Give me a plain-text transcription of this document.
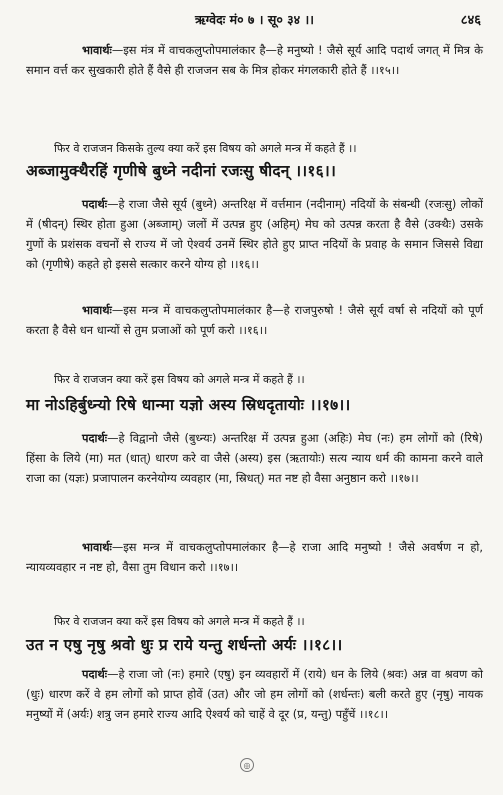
ऋग्वेदः मं० ७ । सू० ३४ ।।	८४६

भावार्थः—इस मंत्र में वाचकलुप्तोपमालंकार है—हे मनुष्यो ! जैसे सूर्य आदि पदार्थ जगत् में मित्र के समान वर्त्त कर सुखकारी होते हैं वैसे ही राजजन सब के मित्र होकर मंगलकारी होते हैं ।।१५।।

फिर वे राजजन किसके तुल्य क्या करें इस विषय को अगले मन्त्र में कहते हैं ।।

अब्जामुक्थैरहिं गृणीषे बुध्ने नदीनां रजःसु षीदन् ।।१६।।

पदार्थः—हे राजा जैसे सूर्य (बुध्ने) अन्तरिक्ष में वर्त्तमान (नदीनाम्) नदियों के संबन्धी (रजःसु) लोकों में (षीदन्) स्थिर होता हुआ (अब्जाम्) जलों में उत्पन्न हुए (अहिम्) मेघ को उत्पन्न करता है वैसे (उक्थैः) उसके गुणों के प्रशंसक वचनों से राज्य में जो ऐश्वर्य उनमें स्थिर होते हुए प्राप्त नदियों के प्रवाह के समान जिससे विद्या को (गृणीषे) कहते हो इससे सत्कार करने योग्य हो ।।१६।।

भावार्थः—इस मन्त्र में वाचकलुप्तोपमालंकार है—हे राजपुरुषो ! जैसे सूर्य वर्षा से नदियों को पूर्ण करता है वैसे धन धान्यों से तुम प्रजाओं को पूर्ण करो ।।१६।।

फिर वे राजजन क्या करें इस विषय को अगले मन्त्र में कहते हैं ।।

मा नोऽहिर्बुध्न्यो रिषे धान्मा यज्ञो अस्य स्रिधदृतायोः ।।१७।।

पदार्थः—हे विद्वानो जैसे (बुध्न्यः) अन्तरिक्ष में उत्पन्न हुआ (अहिः) मेघ (नः) हम लोगों को (रिषे) हिंसा के लिये (मा) मत (धात्) धारण करे वा जैसे (अस्य) इस (ऋतायोः) सत्य न्याय धर्म की कामना करने वाले राजा का (यज्ञः) प्रजापालन करनेयोग्य व्यवहार (मा, स्रिधत्) मत नष्ट हो वैसा अनुष्ठान करो ।।१७।।

भावार्थः—इस मन्त्र में वाचकलुप्तोपमालंकार है—हे राजा आदि मनुष्यो ! जैसे अवर्षण न हो, न्यायव्यवहार न नष्ट हो, वैसा तुम विधान करो ।।१७।।

फिर वे राजजन क्या करें इस विषय को अगले मन्त्र में कहते हैं ।।

उत न एषु नृषु श्रवो धुः प्र राये यन्तु शर्धन्तो अर्यः ।।१८।।

पदार्थः—हे राजा जो (नः) हमारे (एषु) इन व्यवहारों में (राये) धन के लिये (श्रवः) अन्न वा श्रवण को (धुः) धारण करें वे हम लोगों को प्राप्त होवें (उत) और जो हम लोगों को (शर्धन्तः) बली करते हुए (नृषु) नायक मनुष्यों में (अर्यः) शत्रु जन हमारे राज्य आदि ऐश्वर्य को चाहें वे दूर (प्र, यन्तु) पहुँचें ।।१८।।

◎
